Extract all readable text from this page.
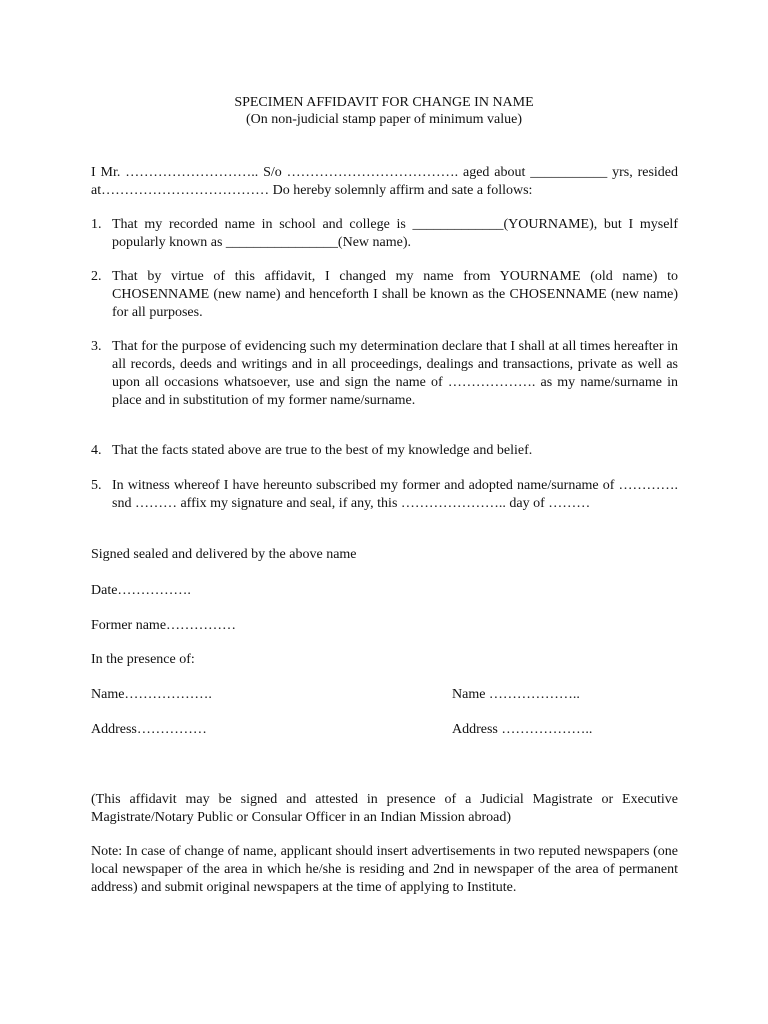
SPECIMEN AFFIDAVIT FOR CHANGE IN NAME
(On non-judicial stamp paper of minimum value)
I Mr. ……………………….. S/o ………………………………. aged about ___________ yrs, resided at……………………………… Do hereby solemnly affirm and sate a follows:
1. That my recorded name in school and college is _____________(YOURNAME), but I myself popularly known as ________________(New name).
2. That by virtue of this affidavit, I changed my name from YOURNAME (old name) to CHOSENNAME (new name) and henceforth I shall be known as the CHOSENNAME (new name) for all purposes.
3. That for the purpose of evidencing such my determination declare that I shall at all times hereafter in all records, deeds and writings and in all proceedings, dealings and transactions, private as well as upon all occasions whatsoever, use and sign the name of ………………. as my name/surname in place and in substitution of my former name/surname.
4. That the facts stated above are true to the best of my knowledge and belief.
5. In witness whereof I have hereunto subscribed my former and adopted name/surname of …………. snd ……… affix my signature and seal, if any, this ………………….. day of ………
Signed sealed and delivered by the above name
Date…………….
Former name……………
In the presence of:
Name……………….	Name ………………..
Address……………	Address ………………..
(This affidavit may be signed and attested in presence of a Judicial Magistrate or Executive Magistrate/Notary Public or Consular Officer in an Indian Mission abroad)
Note: In case of change of name, applicant should insert advertisements in two reputed newspapers (one local newspaper of the area in which he/she is residing and 2nd in newspaper of the area of permanent address) and submit original newspapers at the time of applying to Institute.
